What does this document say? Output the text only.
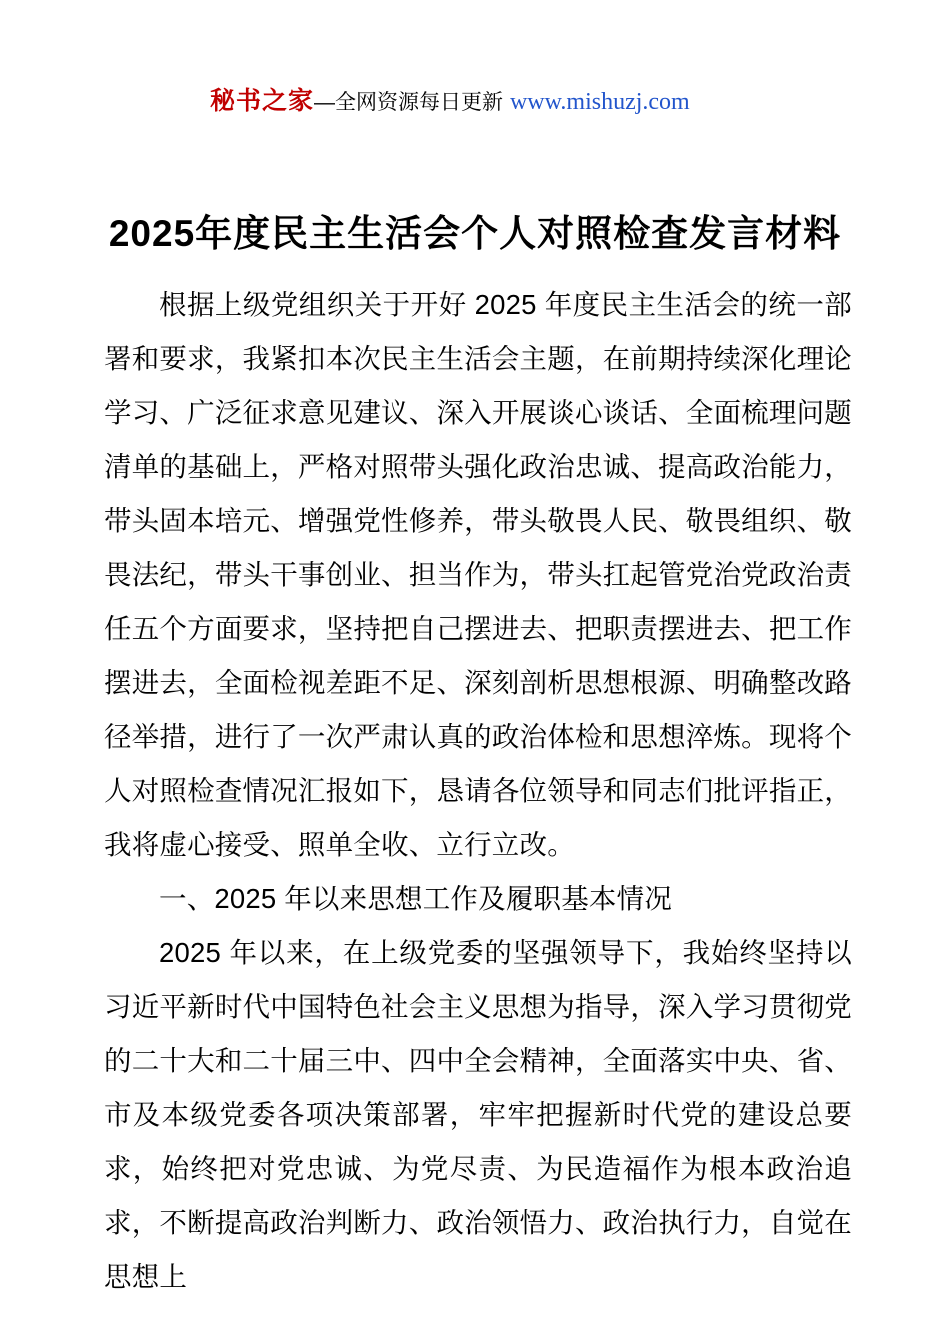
秘书之家—全网资源每日更新 www.mishuzj.com
2025年度民主生活会个人对照检查发言材料

根据上级党组织关于开好 2025 年度民主生活会的统一部署和要求，我紧扣本次民主生活会主题，在前期持续深化理论学习、广泛征求意见建议、深入开展谈心谈话、全面梳理问题清单的基础上，严格对照带头强化政治忠诚、提高政治能力，带头固本培元、增强党性修养，带头敬畏人民、敬畏组织、敬畏法纪，带头干事创业、担当作为，带头扛起管党治党政治责任五个方面要求，坚持把自己摆进去、把职责摆进去、把工作摆进去，全面检视差距不足、深刻剖析思想根源、明确整改路径举措，进行了一次严肃认真的政治体检和思想淬炼。现将个人对照检查情况汇报如下，恳请各位领导和同志们批评指正，我将虚心接受、照单全收、立行立改。

一、2025 年以来思想工作及履职基本情况

2025 年以来，在上级党委的坚强领导下，我始终坚持以习近平新时代中国特色社会主义思想为指导，深入学习贯彻党的二十大和二十届三中、四中全会精神，全面落实中央、省、市及本级党委各项决策部署，牢牢把握新时代党的建设总要求，始终把对党忠诚、为党尽责、为民造福作为根本政治追求，不断提高政治判断力、政治领悟力、政治执行力，自觉在思想上
